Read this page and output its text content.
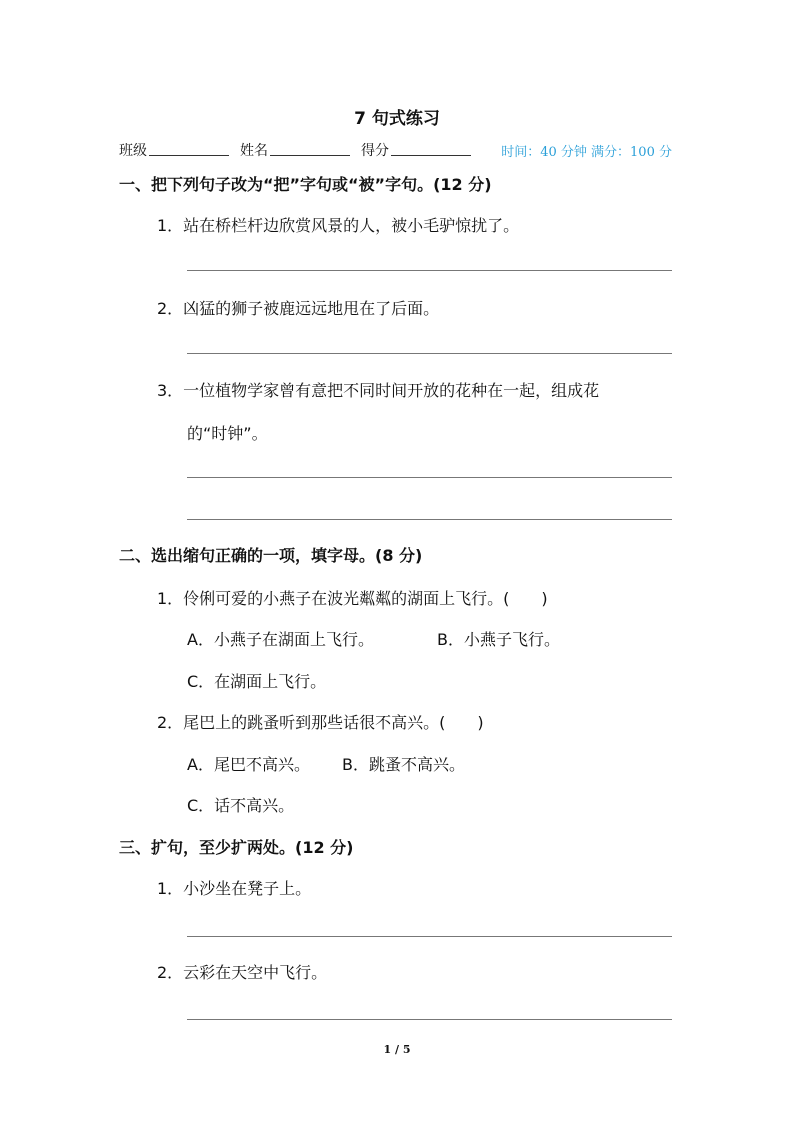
7 句式练习
班级	姓名	得分	时间：40 分钟 满分：100 分
一、把下列句子改为“把”字句或“被”字句。(12 分)
1．站在桥栏杆边欣赏风景的人，被小毛驴惊扰了。
2．凶猛的狮子被鹿远远地甩在了后面。
3．一位植物学家曾有意把不同时间开放的花种在一起，组成花
的“时钟”。
二、选出缩句正确的一项，填字母。(8 分)
1．伶俐可爱的小燕子在波光粼粼的湖面上飞行。(　　)
A．小燕子在湖面上飞行。	B．小燕子飞行。
C．在湖面上飞行。
2．尾巴上的跳蚤听到那些话很不高兴。(　　)
A．尾巴不高兴。 B．跳蚤不高兴。
C．话不高兴。
三、扩句，至少扩两处。(12 分)
1．小沙坐在凳子上。
2．云彩在天空中飞行。
1 / 5
